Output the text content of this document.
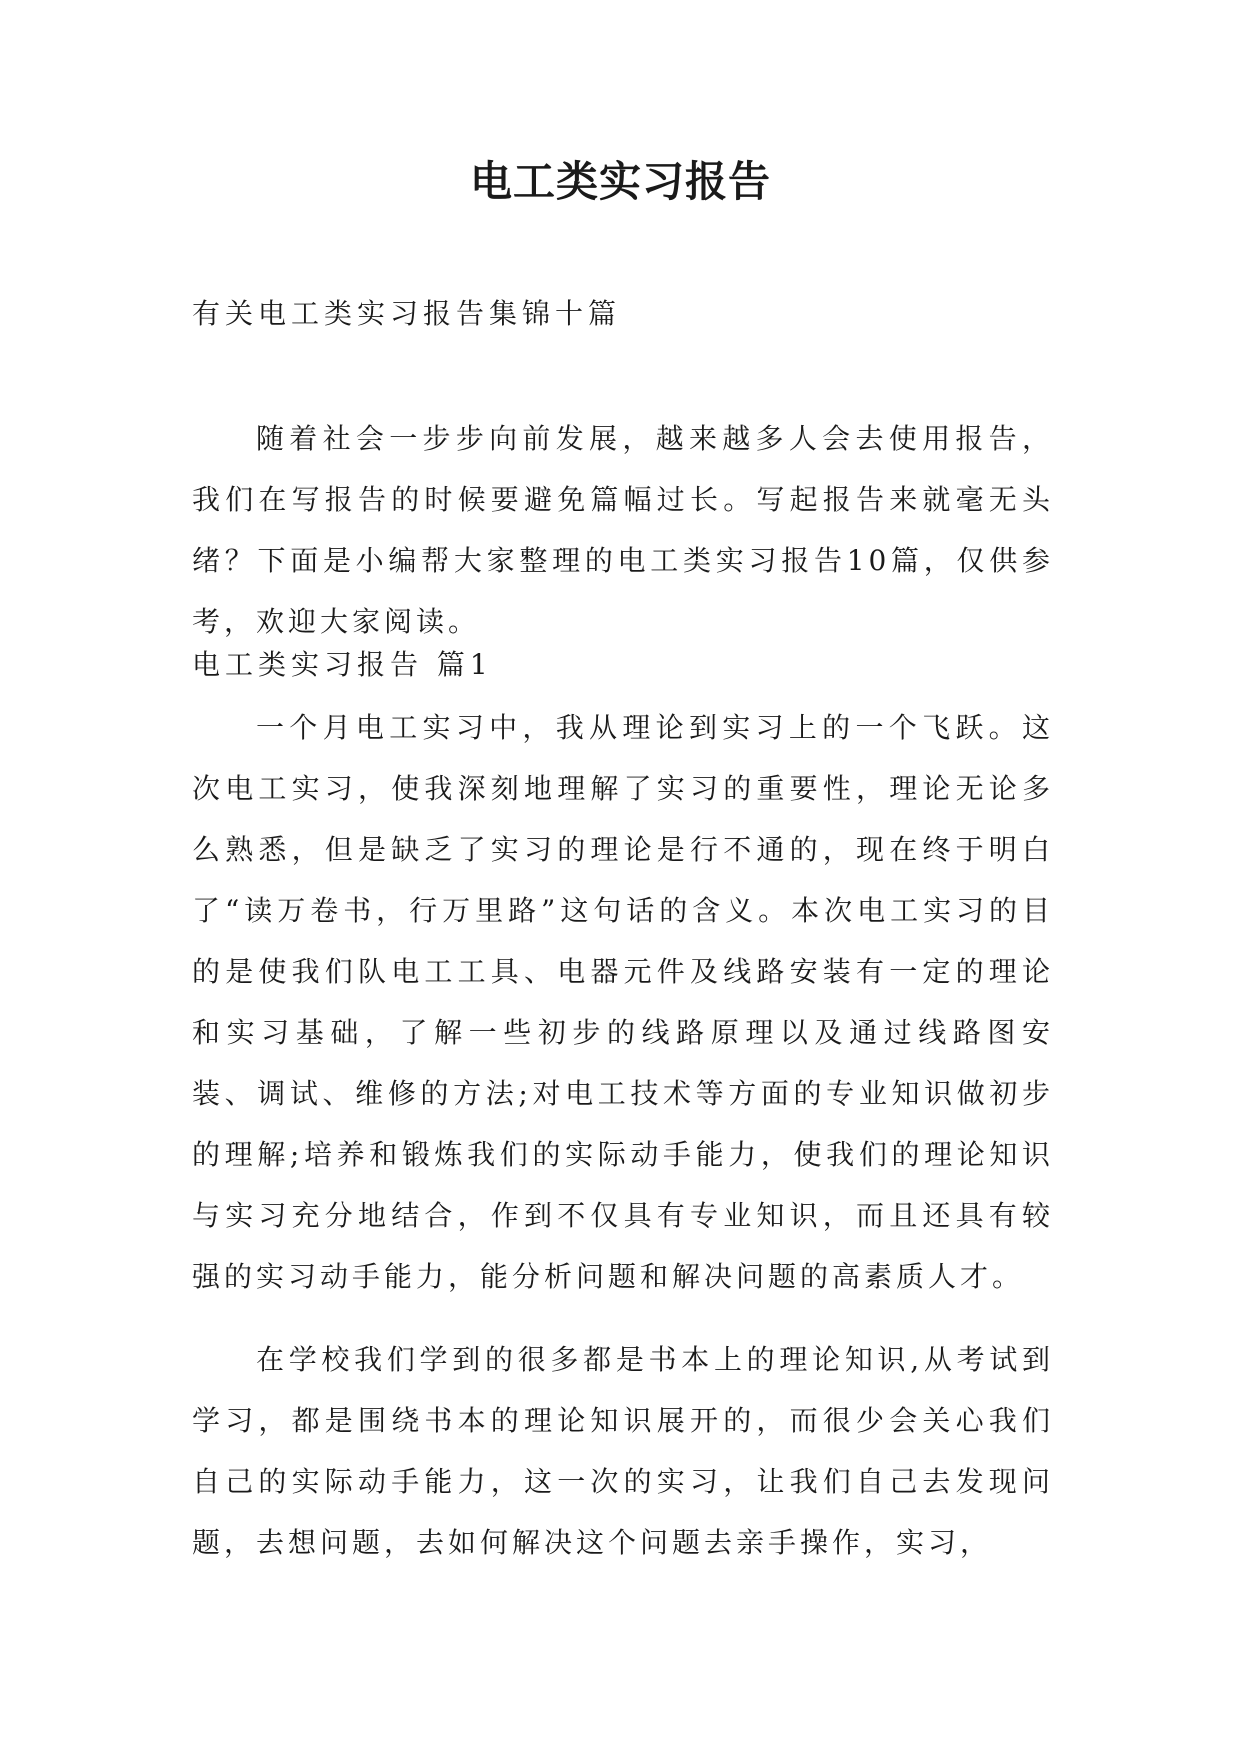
电工类实习报告
有关电工类实习报告集锦十篇

随着社会一步步向前发展，越来越多人会去使用报告，我们在写报告的时候要避免篇幅过长。写起报告来就毫无头绪？下面是小编帮大家整理的电工类实习报告10篇，仅供参考，欢迎大家阅读。

电工类实习报告 篇1

一个月电工实习中，我从理论到实习上的一个飞跃。这次电工实习，使我深刻地理解了实习的重要性，理论无论多么熟悉，但是缺乏了实习的理论是行不通的，现在终于明白了“读万卷书，行万里路”这句话的含义。本次电工实习的目的是使我们队电工工具、电器元件及线路安装有一定的理论和实习基础，了解一些初步的线路原理以及通过线路图安装、调试、维修的方法;对电工技术等方面的专业知识做初步的理解;培养和锻炼我们的实际动手能力，使我们的理论知识与实习充分地结合，作到不仅具有专业知识，而且还具有较强的实习动手能力，能分析问题和解决问题的高素质人才。

在学校我们学到的很多都是书本上的理论知识,从考试到学习，都是围绕书本的理论知识展开的，而很少会关心我们自己的实际动手能力，这一次的实习，让我们自己去发现问题，去想问题，去如何解决这个问题去亲手操作，实习，
